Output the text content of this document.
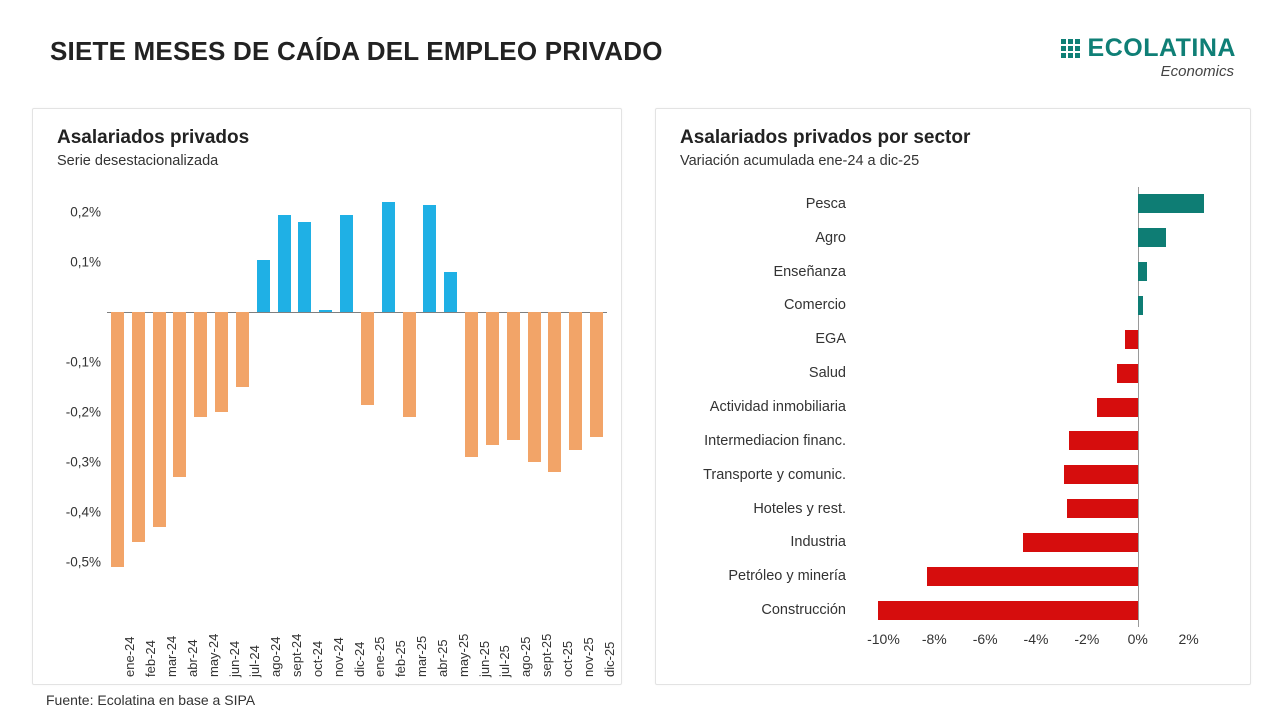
SIETE MESES DE CAÍDA DEL EMPLEO PRIVADO	ECOLATINA
Economics
Asalariados privados
Serie desestacionalizada
0,2%
0,1%
-0,1%
-0,2%
-0,3%
-0,4%
-0,5%
ene-24 feb-24 mar-24 abr-24 may-24 jun-24 jul-24 ago-24 sept-24 oct-24 nov-24 dic-24 ene-25 feb-25 mar-25 abr-25 may-25 jun-25 jul-25 ago-25 sept-25 oct-25 nov-25 dic-25
Asalariados privados por sector
Variación acumulada ene-24 a dic-25
Pesca
Agro
Enseñanza
Comercio
EGA
Salud
Actividad inmobiliaria
Intermediacion financ.
Transporte y comunic.
Hoteles y rest.
Industria
Petróleo y minería
Construcción
-10% -8% -6% -4% -2% 0% 2%
Fuente: Ecolatina en base a SIPA
